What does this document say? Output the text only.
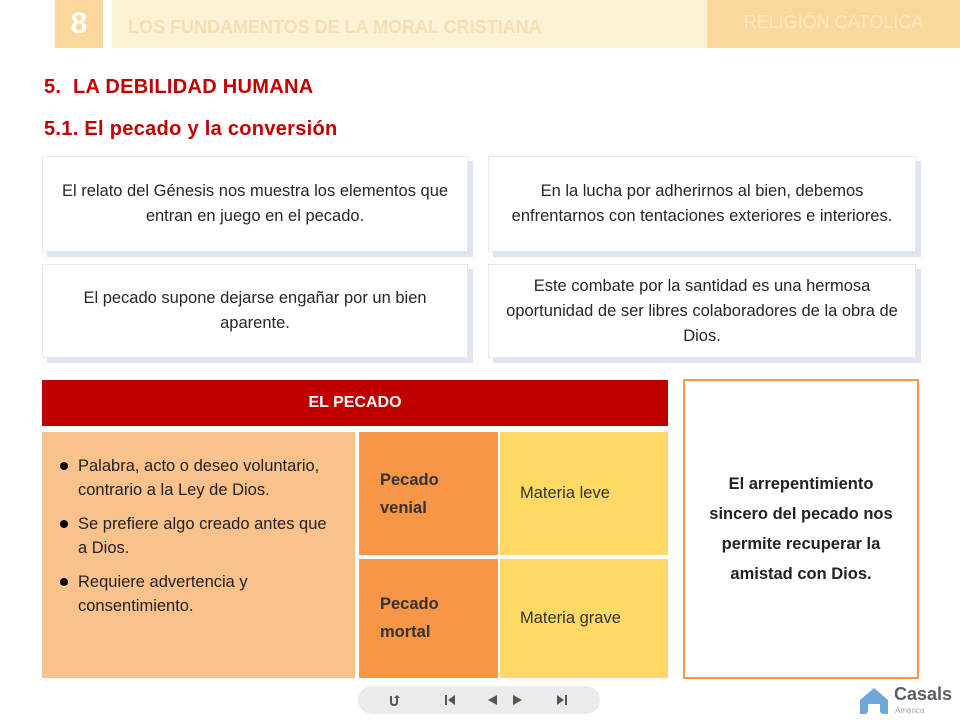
8	LOS FUNDAMENTOS DE LA MORAL CRISTIANA	RELIGIÓN CATÓLICA
5.  LA DEBILIDAD HUMANA
5.1. El pecado y la conversión
El relato del Génesis nos muestra los elementos que entran en juego en el pecado.
En la lucha por adherirnos al bien, debemos enfrentarnos con tentaciones exteriores e interiores.
El pecado supone dejarse engañar por un bien aparente.
Este combate por la santidad es una hermosa oportunidad de ser libres colaboradores de la obra de Dios.
EL PECADO
Palabra, acto o deseo voluntario, contrario a la Ley de Dios.
Se prefiere algo creado antes que a Dios.
Requiere advertencia y consentimiento.
Pecado venial
Materia leve
Pecado mortal
Materia grave
El arrepentimiento sincero del pecado nos permite recuperar la amistad con Dios.
Casals
América
